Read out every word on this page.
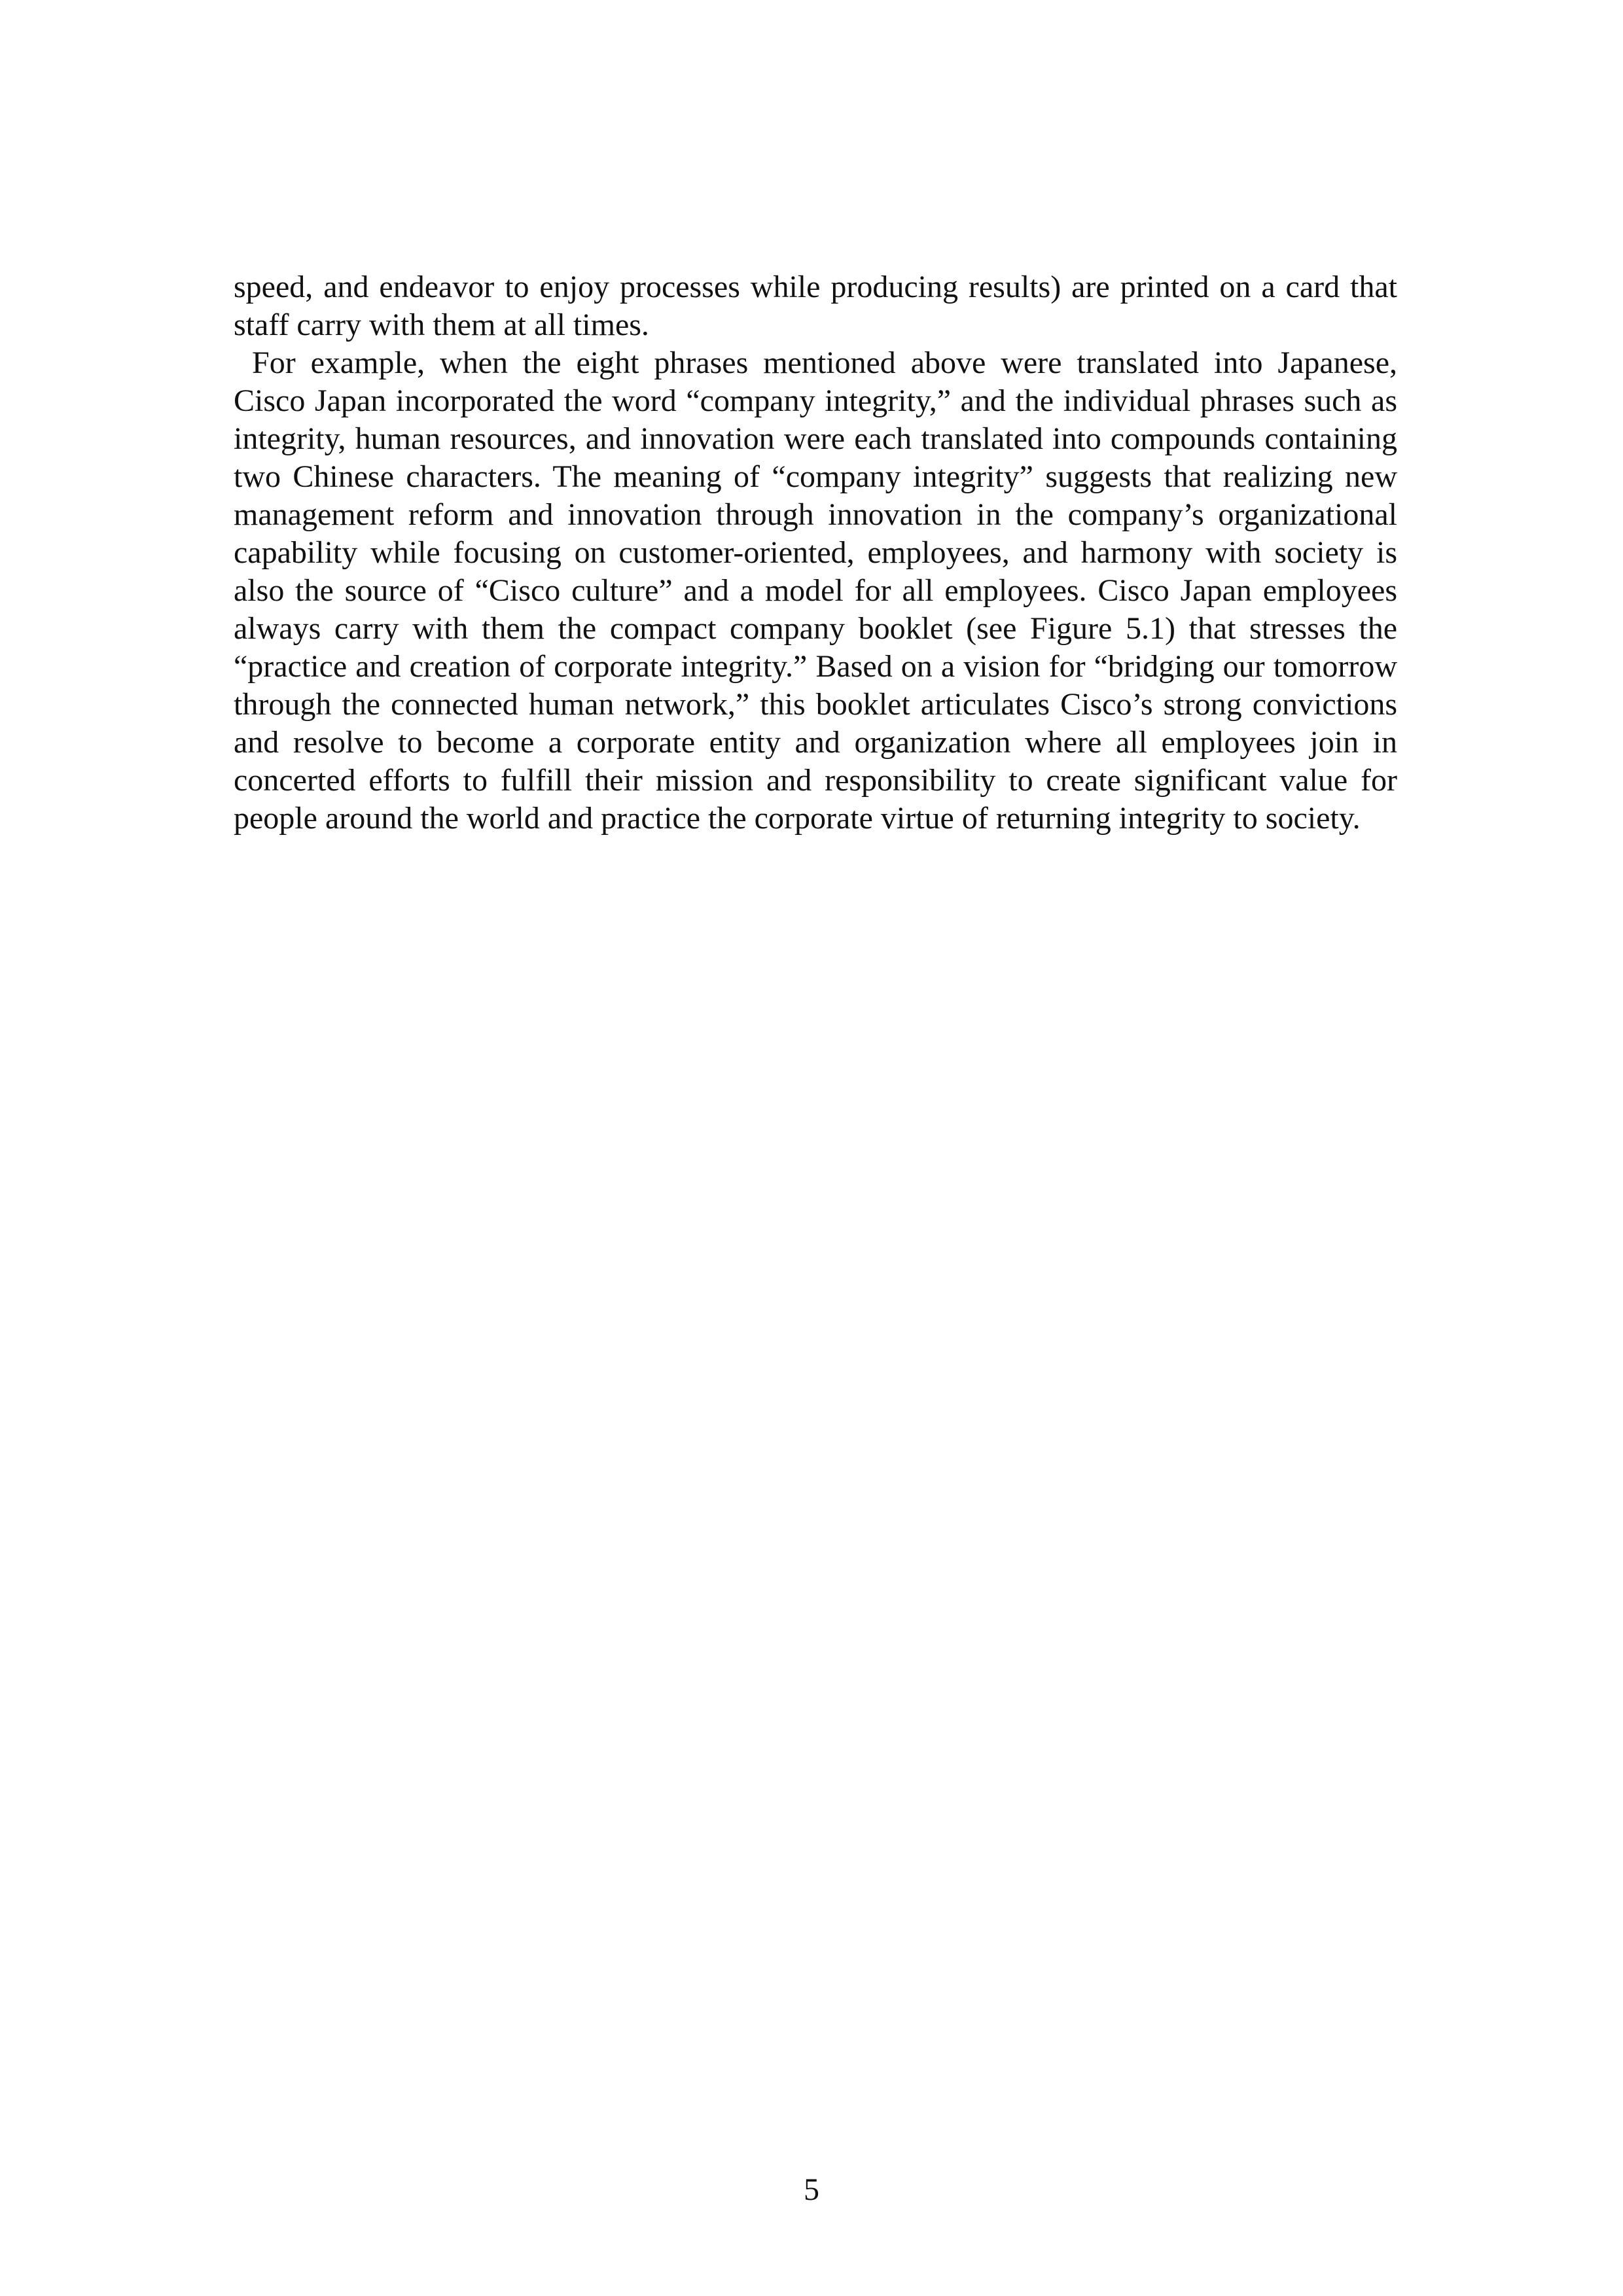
speed, and endeavor to enjoy processes while producing results) are printed on a card that staff carry with them at all times.

For example, when the eight phrases mentioned above were translated into Japanese, Cisco Japan incorporated the word “company integrity,” and the individual phrases such as integrity, human resources, and innovation were each translated into compounds containing two Chinese characters. The meaning of “company integrity” suggests that realizing new management reform and innovation through innovation in the company’s organizational capability while focusing on customer-oriented, employees, and harmony with society is also the source of “Cisco culture” and a model for all employees. Cisco Japan employees always carry with them the compact company booklet (see Figure 5.1) that stresses the “practice and creation of corporate integrity.” Based on a vision for “bridging our tomorrow through the connected human network,” this booklet articulates Cisco’s strong convictions and resolve to become a corporate entity and organization where all employees join in concerted efforts to fulfill their mission and responsibility to create significant value for people around the world and practice the corporate virtue of returning integrity to society.

5
